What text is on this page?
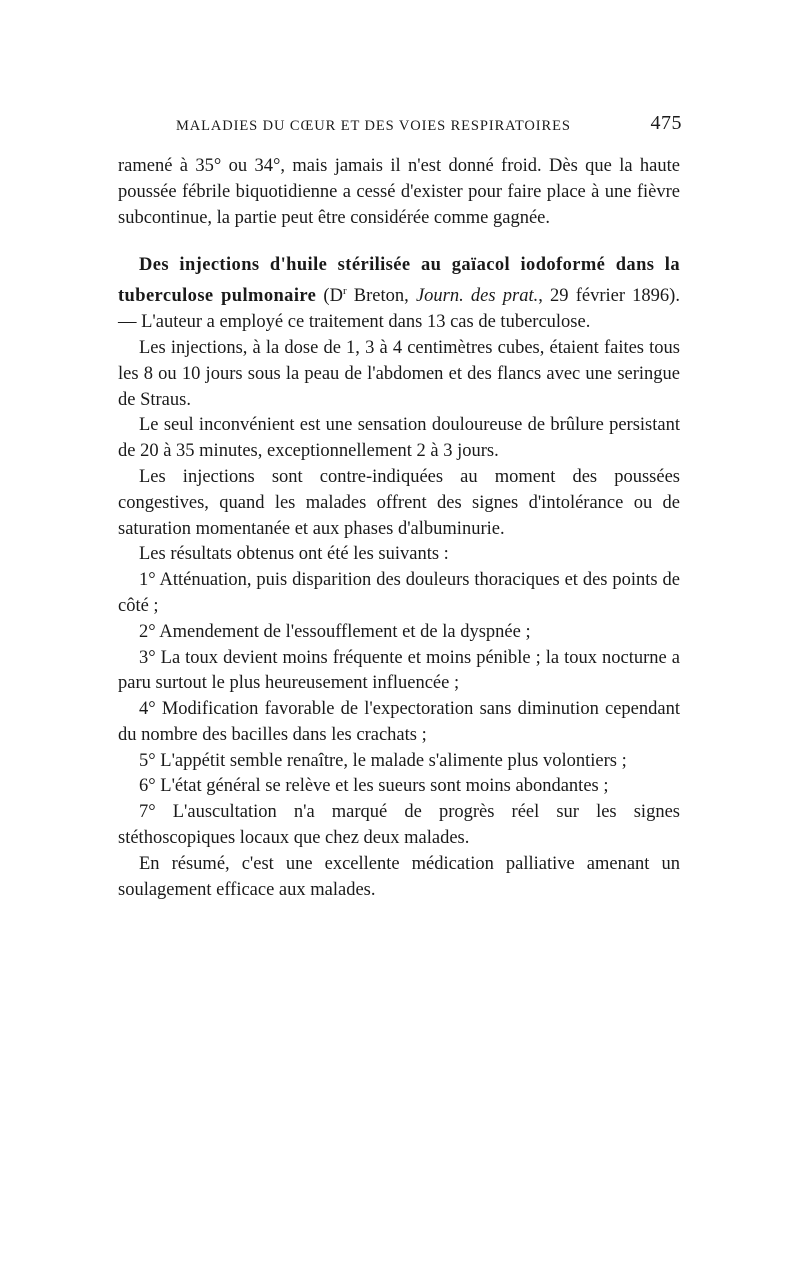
MALADIES DU CŒUR ET DES VOIES RESPIRATOIRES	475

ramené à 35° ou 34°, mais jamais il n'est donné froid. Dès que la haute poussée fébrile biquotidienne a cessé d'exister pour faire place à une fièvre subcontinue, la partie peut être considérée comme gagnée.

Des injections d'huile stérilisée au gaïacol iodoformé dans la tuberculose pulmonaire ($D^r$ Breton, Journ. des prat., 29 février 1896). — L'auteur a employé ce traitement dans 13 cas de tuberculose.

Les injections, à la dose de 1, 3 à 4 centimètres cubes, étaient faites tous les 8 ou 10 jours sous la peau de l'abdomen et des flancs avec une seringue de Straus.

Le seul inconvénient est une sensation douloureuse de brûlure persistant de 20 à 35 minutes, exceptionnellement 2 à 3 jours.

Les injections sont contre-indiquées au moment des poussées congestives, quand les malades offrent des signes d'intolérance ou de saturation momentanée et aux phases d'albuminurie.

Les résultats obtenus ont été les suivants :

1° Atténuation, puis disparition des douleurs thoraciques et des points de côté ;

2° Amendement de l'essoufflement et de la dyspnée ;

3° La toux devient moins fréquente et moins pénible ; la toux nocturne a paru surtout le plus heureusement influencée ;

4° Modification favorable de l'expectoration sans diminution cependant du nombre des bacilles dans les crachats ;

5° L'appétit semble renaître, le malade s'alimente plus volontiers ;

6° L'état général se relève et les sueurs sont moins abondantes ;

7° L'auscultation n'a marqué de progrès réel sur les signes stéthoscopiques locaux que chez deux malades.

En résumé, c'est une excellente médication palliative amenant un soulagement efficace aux malades.
